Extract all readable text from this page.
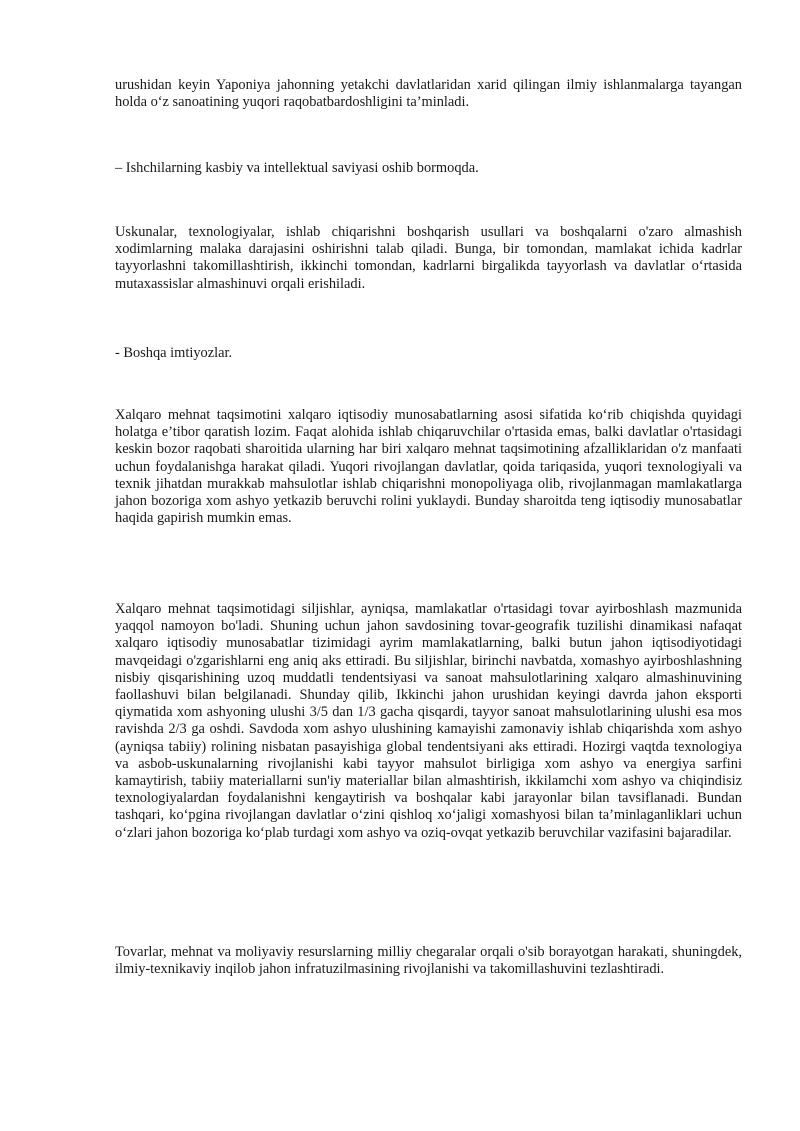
urushidan keyin Yaponiya jahonning yetakchi davlatlaridan xarid qilingan ilmiy ishlanmalarga tayangan holda o‘z sanoatining yuqori raqobatbardoshligini ta’minladi.

– Ishchilarning kasbiy va intellektual saviyasi oshib bormoqda.

Uskunalar, texnologiyalar, ishlab chiqarishni boshqarish usullari va boshqalarni o'zaro almashish xodimlarning malaka darajasini oshirishni talab qiladi. Bunga, bir tomondan, mamlakat ichida kadrlar tayyorlashni takomillashtirish, ikkinchi tomondan, kadrlarni birgalikda tayyorlash va davlatlar o‘rtasida mutaxassislar almashinuvi orqali erishiladi.

- Boshqa imtiyozlar.

Xalqaro mehnat taqsimotini xalqaro iqtisodiy munosabatlarning asosi sifatida ko‘rib chiqishda quyidagi holatga e’tibor qaratish lozim. Faqat alohida ishlab chiqaruvchilar o'rtasida emas, balki davlatlar o'rtasidagi keskin bozor raqobati sharoitida ularning har biri xalqaro mehnat taqsimotining afzalliklaridan o'z manfaati uchun foydalanishga harakat qiladi. Yuqori rivojlangan davlatlar, qoida tariqasida, yuqori texnologiyali va texnik jihatdan murakkab mahsulotlar ishlab chiqarishni monopoliyaga olib, rivojlanmagan mamlakatlarga jahon bozoriga xom ashyo yetkazib beruvchi rolini yuklaydi. Bunday sharoitda teng iqtisodiy munosabatlar haqida gapirish mumkin emas.

Xalqaro mehnat taqsimotidagi siljishlar, ayniqsa, mamlakatlar o'rtasidagi tovar ayirboshlash mazmunida yaqqol namoyon bo'ladi. Shuning uchun jahon savdosining tovar-geografik tuzilishi dinamikasi nafaqat xalqaro iqtisodiy munosabatlar tizimidagi ayrim mamlakatlarning, balki butun jahon iqtisodiyotidagi mavqeidagi o'zgarishlarni eng aniq aks ettiradi. Bu siljishlar, birinchi navbatda, xomashyo ayirboshlashning nisbiy qisqarishining uzoq muddatli tendentsiyasi va sanoat mahsulotlarining xalqaro almashinuvining faollashuvi bilan belgilanadi. Shunday qilib, Ikkinchi jahon urushidan keyingi davrda jahon eksporti qiymatida xom ashyoning ulushi 3/5 dan 1/3 gacha qisqardi, tayyor sanoat mahsulotlarining ulushi esa mos ravishda 2/3 ga oshdi. Savdoda xom ashyo ulushining kamayishi zamonaviy ishlab chiqarishda xom ashyo (ayniqsa tabiiy) rolining nisbatan pasayishiga global tendentsiyani aks ettiradi. Hozirgi vaqtda texnologiya va asbob-uskunalarning rivojlanishi kabi tayyor mahsulot birligiga xom ashyo va energiya sarfini kamaytirish, tabiiy materiallarni sun'iy materiallar bilan almashtirish, ikkilamchi xom ashyo va chiqindisiz texnologiyalardan foydalanishni kengaytirish va boshqalar kabi jarayonlar bilan tavsiflanadi. Bundan tashqari, ko‘pgina rivojlangan davlatlar o‘zini qishloq xo‘jaligi xomashyosi bilan ta’minlaganliklari uchun o‘zlari jahon bozoriga ko‘plab turdagi xom ashyo va oziq-ovqat yetkazib beruvchilar vazifasini bajaradilar.

Tovarlar, mehnat va moliyaviy resurslarning milliy chegaralar orqali o'sib borayotgan harakati, shuningdek, ilmiy-texnikaviy inqilob jahon infratuzilmasining rivojlanishi va takomillashuvini tezlashtiradi.
